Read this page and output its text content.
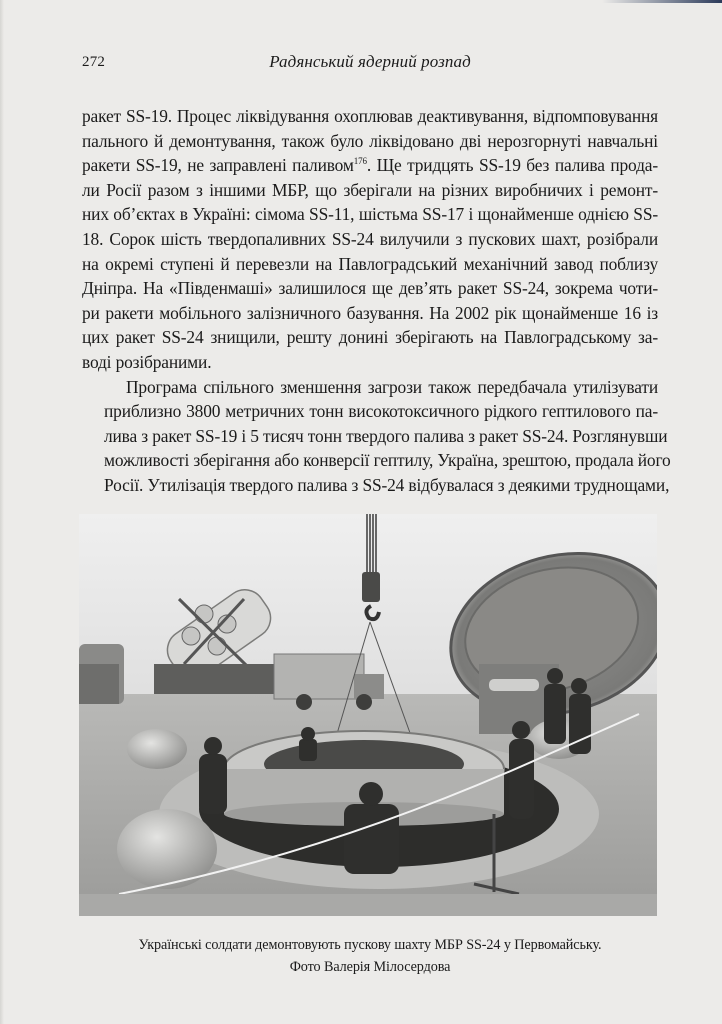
272	Радянський ядерний розпад

ракет SS-19. Процес ліквідування охоплював деактивування, відпомповування
пального й демонтування, також було ліквідовано дві нерозгорнуті навчальні
ракети SS-19, не заправлені паливом$^{176}$. Ще тридцять SS-19 без палива прода-
ли Росії разом з іншими МБР, що зберігали на різних виробничих і ремонт-
них об’єктах в Україні: сімома SS-11, шістьма SS-17 і щонайменше однією SS-
18. Сорок шість твердопаливних SS-24 вилучили з пускових шахт, розібрали
на окремі ступені й перевезли на Павлоградський механічний завод поблизу
Дніпра. На «Південмаші» залишилося ще дев’ять ракет SS-24, зокрема чоти-
ри ракети мобільного залізничного базування. На 2002 рік щонайменше 16 із
цих ракет SS-24 знищили, решту донині зберігають на Павлоградському за-
воді розібраними.

Програма спільного зменшення загрози також передбачала утилізувати
приблизно 3800 метричних тонн високотоксичного рідкого гептилового па-
лива з ракет SS-19 і 5 тисяч тонн твердого палива з ракет SS-24. Розглянувши
можливості зберігання або конверсії гептилу, Україна, зрештою, продала його
Росії. Утилізація твердого палива з SS-24 відбувалася з деякими труднощами,

Українські солдати демонтовують пускову шахту МБР SS-24 у Первомайську.
Фото Валерія Мілосердова
